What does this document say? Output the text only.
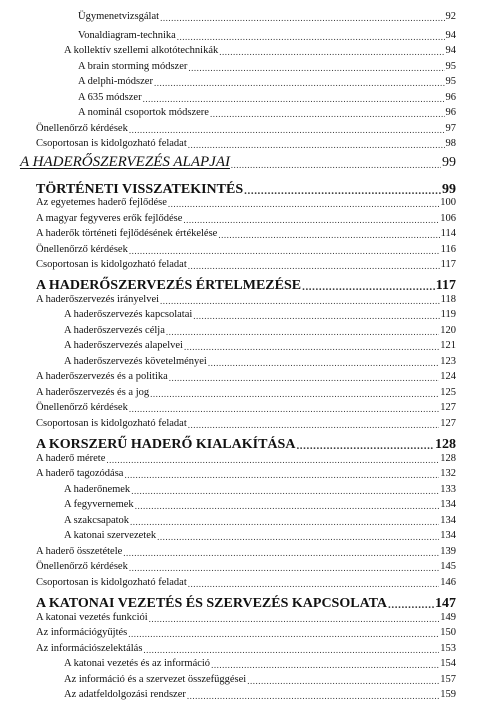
Ügymenetvizsgálat .....	92
Vonaldiagram-technika .....	94
A kollektív szellemi alkotótechnikák .....	94
A brain storming módszer .....	95
A delphi-módszer .....	95
A 635 módszer .....	96
A nominál csoportok módszere .....	96
Önellenőrző kérdések .....	97
Csoportosan is kidolgozható feladat .....	98
A HADERŐSZERVEZÉS ALAPJAI .....	99
TÖRTÉNETI VISSZATEKINTÉS .....	99
Az egyetemes haderő fejlődése .....	100
A magyar fegyveres erők fejlődése .....	106
A haderők történeti fejlődésének értékelése .....	114
Önellenőrző kérdések .....	116
Csoportosan is kidolgozható feladat .....	117
A HADERŐSZERVEZÉS ÉRTELMEZÉSE .....	117
A haderőszervezés irányelvei .....	118
A haderőszervezés kapcsolatai .....	119
A haderőszervezés célja .....	120
A haderőszervezés alapelvei .....	121
A haderőszervezés követelményei .....	123
A haderőszervezés és a politika .....	124
A haderőszervezés és a jog .....	125
Önellenőrző kérdések .....	127
Csoportosan is kidolgozható feladat .....	127
A KORSZERŰ HADERŐ KIALAKÍTÁSA .....	128
A haderő mérete .....	128
A haderő tagozódása .....	132
A haderőnemek .....	133
A fegyvernemek .....	134
A szakcsapatok .....	134
A katonai szervezetek .....	134
A haderő összetétele .....	139
Önellenőrző kérdések .....	145
Csoportosan is kidolgozható feladat .....	146
A KATONAI VEZETÉS ÉS SZERVEZÉS KAPCSOLATA .....	147
A katonai vezetés funkciói .....	149
Az információgyűjtés .....	150
Az információszelektálás .....	153
A katonai vezetés és az információ .....	154
Az információ és a szervezet összefüggései .....	157
Az adatfeldolgozási rendszer .....	159
